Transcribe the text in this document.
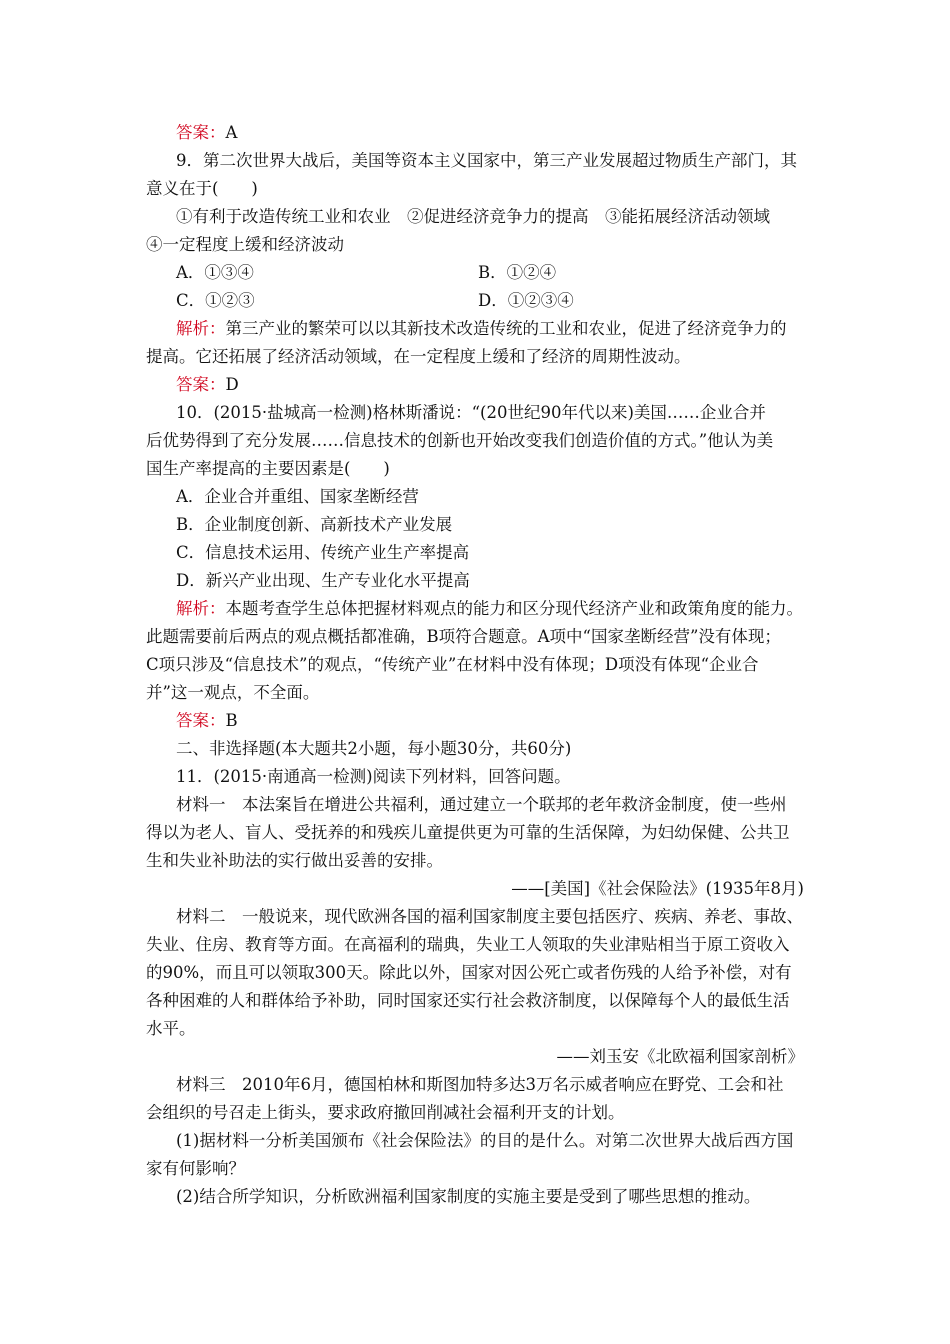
答案：A
9．第二次世界大战后，美国等资本主义国家中，第三产业发展超过物质生产部门，其
意义在于(　　)
①有利于改造传统工业和农业　②促进经济竞争力的提高　③能拓展经济活动领域
④一定程度上缓和经济波动
A．①③④	B．①②④
C．①②③	D．①②③④
解析：第三产业的繁荣可以以其新技术改造传统的工业和农业，促进了经济竞争力的
提高。它还拓展了经济活动领域，在一定程度上缓和了经济的周期性波动。
答案：D
10．(2015·盐城高一检测)格林斯潘说：“(20世纪90年代以来)美国……企业合并
后优势得到了充分发展……信息技术的创新也开始改变我们创造价值的方式。”他认为美
国生产率提高的主要因素是(　　)
A．企业合并重组、国家垄断经营
B．企业制度创新、高新技术产业发展
C．信息技术运用、传统产业生产率提高
D．新兴产业出现、生产专业化水平提高
解析：本题考查学生总体把握材料观点的能力和区分现代经济产业和政策角度的能力。
此题需要前后两点的观点概括都准确，B项符合题意。A项中“国家垄断经营”没有体现；
C项只涉及“信息技术”的观点，“传统产业”在材料中没有体现；D项没有体现“企业合
并”这一观点，不全面。
答案：B
二、非选择题(本大题共2小题，每小题30分，共60分)
11．(2015·南通高一检测)阅读下列材料，回答问题。
材料一　本法案旨在增进公共福利，通过建立一个联邦的老年救济金制度，使一些州
得以为老人、盲人、受抚养的和残疾儿童提供更为可靠的生活保障，为妇幼保健、公共卫
生和失业补助法的实行做出妥善的安排。
——[美国]《社会保险法》(1935年8月)
材料二　一般说来，现代欧洲各国的福利国家制度主要包括医疗、疾病、养老、事故、
失业、住房、教育等方面。在高福利的瑞典，失业工人领取的失业津贴相当于原工资收入
的90%，而且可以领取300天。除此以外，国家对因公死亡或者伤残的人给予补偿，对有
各种困难的人和群体给予补助，同时国家还实行社会救济制度，以保障每个人的最低生活
水平。
——刘玉安《北欧福利国家剖析》
材料三　2010年6月，德国柏林和斯图加特多达3万名示威者响应在野党、工会和社
会组织的号召走上街头，要求政府撤回削减社会福利开支的计划。
(1)据材料一分析美国颁布《社会保险法》的目的是什么。对第二次世界大战后西方国
家有何影响？
(2)结合所学知识，分析欧洲福利国家制度的实施主要是受到了哪些思想的推动。
